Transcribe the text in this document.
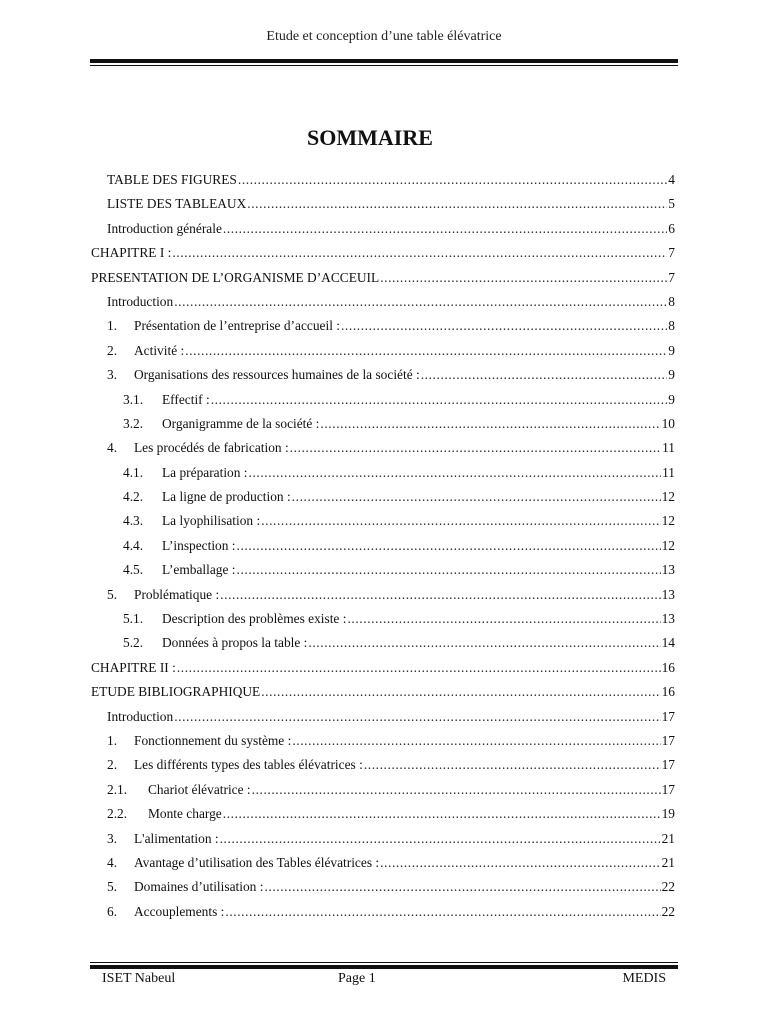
Etude et conception d’une table élévatrice
SOMMAIRE
TABLE DES FIGURES .....	4
LISTE DES TABLEAUX .....	5
Introduction générale .....	6
CHAPITRE I : .....	7
PRESENTATION DE L’ORGANISME D’ACCEUIL .....	7
Introduction .....	8
1.	Présentation de l’entreprise d’accueil : .....	8
2.	Activité : .....	9
3.	Organisations des ressources humaines de la société : .....	9
3.1.	Effectif : .....	9
3.2.	Organigramme de la société : .....	10
4.	Les procédés de fabrication : .....	11
4.1.	La préparation : .....	11
4.2.	La ligne de production : .....	12
4.3.	La lyophilisation : .....	12
4.4.	L’inspection : .....	12
4.5.	L’emballage : .....	13
5.	Problématique : .....	13
5.1.	Description des problèmes existe : .....	13
5.2.	Données à propos la table : .....	14
CHAPITRE II : .....	16
ETUDE BIBLIOGRAPHIQUE .....	16
Introduction .....	17
1.	Fonctionnement du système : .....	17
2.	Les différents types des tables élévatrices : .....	17
2.1.	Chariot élévatrice : .....	17
2.2.	Monte charge .....	19
3.	L'alimentation : .....	21
4.	Avantage d’utilisation des Tables élévatrices : .....	21
5.	Domaines d’utilisation : .....	22
6.	Accouplements : .....	22
ISET Nabeul	Page 1	MEDIS
